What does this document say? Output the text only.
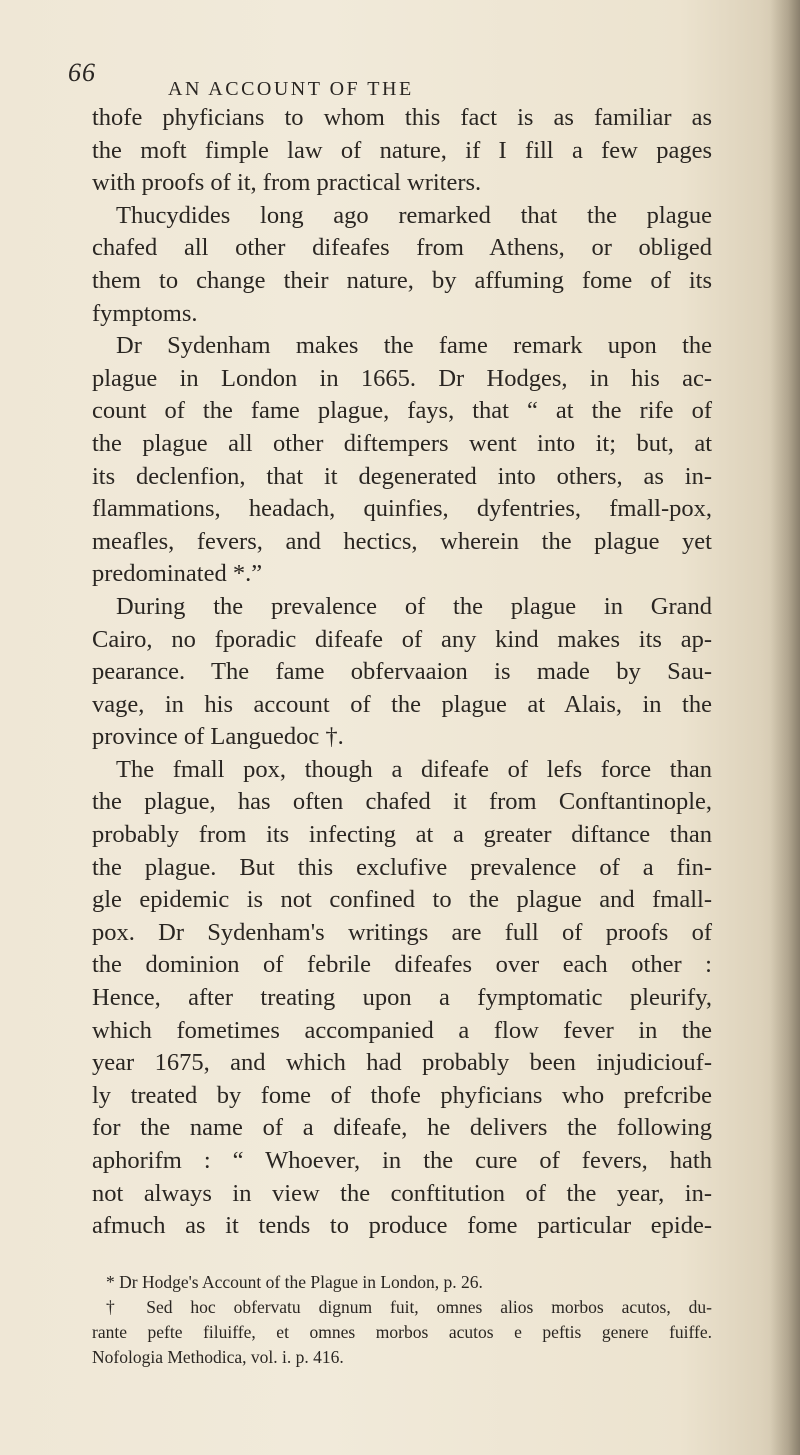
66
AN ACCOUNT OF THE
thofe phyficians to whom this fact is as familiar as
the moft fimple law of nature, if I fill a few pages
with proofs of it, from practical writers.
Thucydides long ago remarked that the plague
chafed all other difeafes from Athens, or obliged
them to change their nature, by affuming fome of its
fymptoms.
Dr Sydenham makes the fame remark upon the
plague in London in 1665. Dr Hodges, in his ac-
count of the fame plague, fays, that “ at the rife of
the plague all other diftempers went into it; but, at
its declenfion, that it degenerated into others, as in-
flammations, headach, quinfies, dyfentries, fmall-pox,
meafles, fevers, and hectics, wherein the plague yet
predominated *.”
During the prevalence of the plague in Grand
Cairo, no fporadic difeafe of any kind makes its ap-
pearance. The fame obfervaaion is made by Sau-
vage, in his account of the plague at Alais, in the
province of Languedoc †.
The fmall pox, though a difeafe of lefs force than
the plague, has often chafed it from Conftantinople,
probably from its infecting at a greater diftance than
the plague. But this exclufive prevalence of a fin-
gle epidemic is not confined to the plague and fmall-
pox. Dr Sydenham's writings are full of proofs of
the dominion of febrile difeafes over each other :
Hence, after treating upon a fymptomatic pleurify,
which fometimes accompanied a flow fever in the
year 1675, and which had probably been injudiciouf-
ly treated by fome of thofe phyficians who prefcribe
for the name of a difeafe, he delivers the following
aphorifm : “ Whoever, in the cure of fevers, hath
not always in view the conftitution of the year, in-
afmuch as it tends to produce fome particular epide-
* Dr Hodge's Account of the Plague in London, p. 26.
† Sed hoc obfervatu dignum fuit, omnes alios morbos acutos, du-
rante pefte filuiffe, et omnes morbos acutos e peftis genere fuiffe.
Nofologia Methodica, vol. i. p. 416.
